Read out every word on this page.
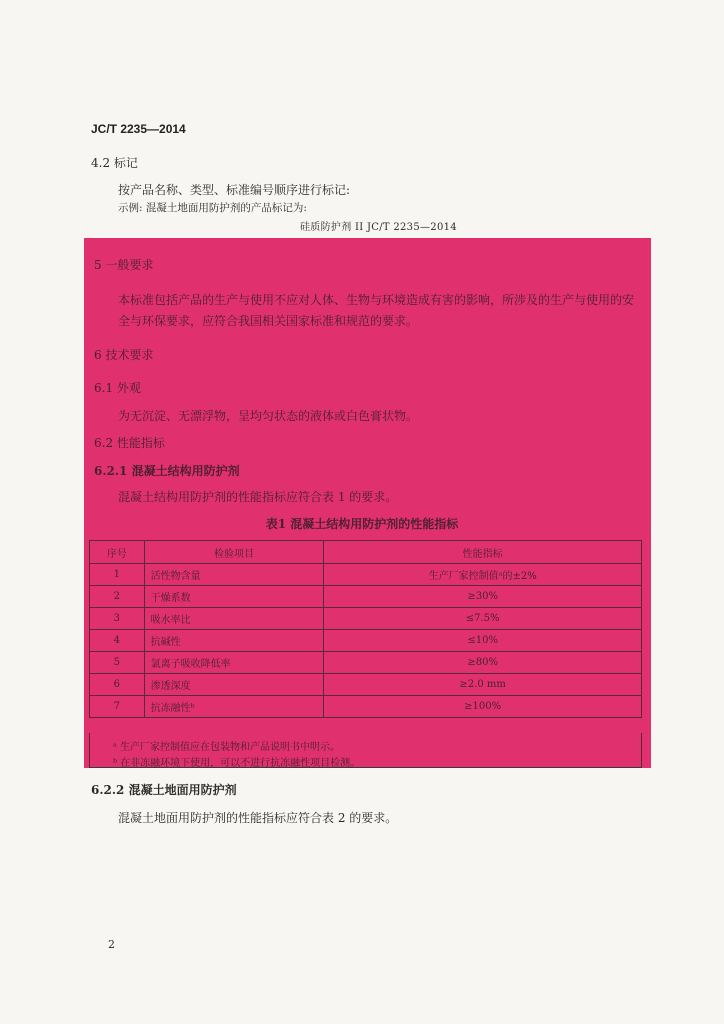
JC/T 2235—2014
4.2 标记
按产品名称、类型、标准编号顺序进行标记:
示例: 混凝土地面用防护剂的产品标记为:
硅质防护剂 II JC/T 2235—2014
5 一般要求
本标准包括产品的生产与使用不应对人体、生物与环境造成有害的影响，所涉及的生产与使用的安全与环保要求，应符合我国相关国家标准和规范的要求。
6 技术要求
6.1 外观
为无沉淀、无漂浮物，呈均匀状态的液体或白色膏状物。
6.2 性能指标
6.2.1 混凝土结构用防护剂
混凝土结构用防护剂的性能指标应符合表 1 的要求。
表1 混凝土结构用防护剂的性能指标
序号	检验项目	性能指标
1	活性物含量	生产厂家控制值ᵃ的±2%
2	干燥系数	≥30%
3	吸水率比	≤7.5%
4	抗碱性	≤10%
5	氯离子吸收降低率	≥80%
6	渗透深度	≥2.0 mm
7	抗冻融性ᵇ	≥100%
ᵃ 生产厂家控制值应在包装物和产品说明书中明示。
ᵇ 在非冻融环境下使用，可以不进行抗冻融性项目检测。
6.2.2 混凝土地面用防护剂
混凝土地面用防护剂的性能指标应符合表 2 的要求。
2
